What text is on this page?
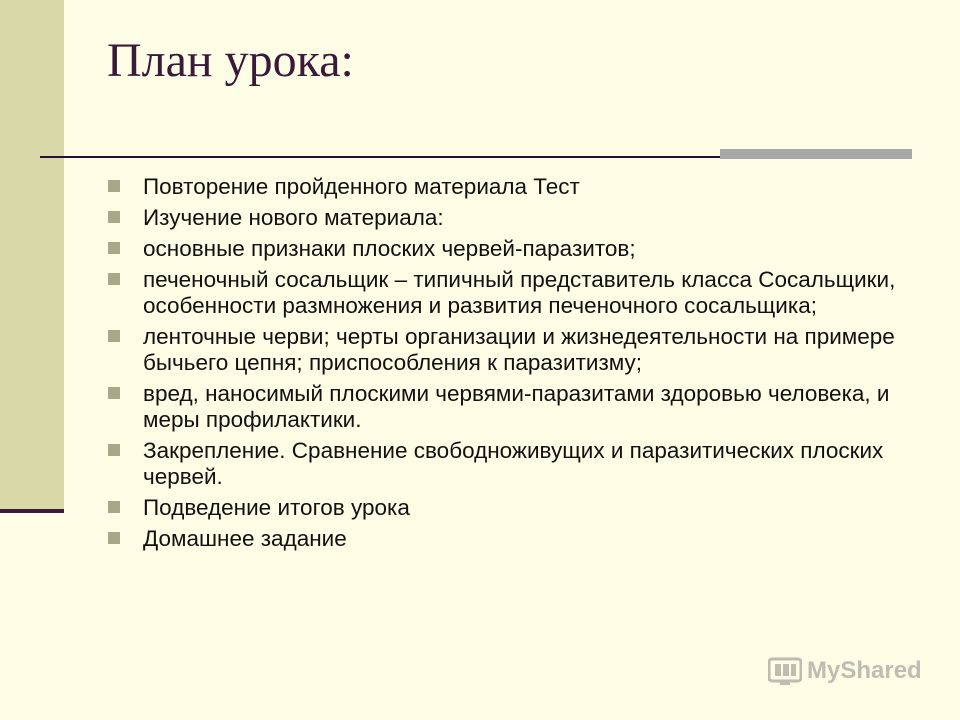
План урока:
Повторение пройденного материала Тест
Изучение нового материала:
основные признаки плоских червей-паразитов;
печеночный сосальщик – типичный представитель класса Сосальщики, особенности размножения и развития печеночного сосальщика;
ленточные черви; черты организации и жизнедеятельности на примере бычьего цепня; приспособления к паразитизму;
вред, наносимый плоскими червями-паразитами здоровью человека, и меры профилактики.
Закрепление. Сравнение свободноживущих и паразитических плоских червей.
Подведение итогов урока
Домашнее задание
MyShared
